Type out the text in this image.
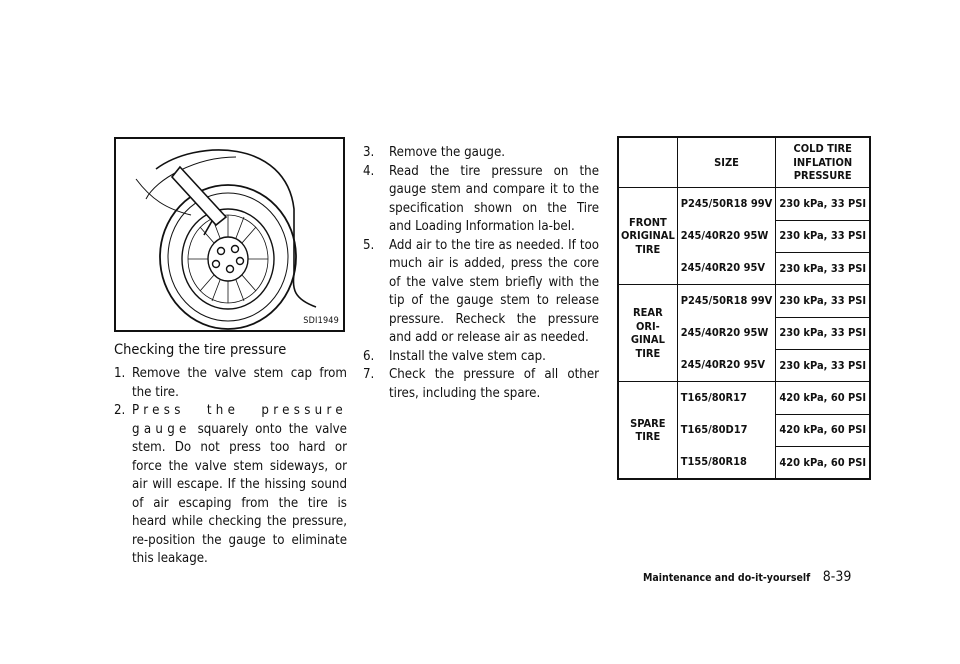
SDI1949
Checking the tire pressure
1. Remove the valve stem cap from the tire.
2. Press the pressure gauge squarely onto the valve stem. Do not press too hard or force the valve stem sideways, or air will escape. If the hissing sound of air escaping from the tire is heard while checking the pressure, re-position the gauge to eliminate this leakage.
3. Remove the gauge.
4. Read the tire pressure on the gauge stem and compare it to the specification shown on the Tire and Loading Information la-bel.
5. Add air to the tire as needed. If too much air is added, press the core of the valve stem briefly with the tip of the gauge stem to release pressure. Recheck the pressure and add or release air as needed.
6. Install the valve stem cap.
7. Check the pressure of all other tires, including the spare.
	SIZE	COLD TIRE INFLATION PRESSURE
FRONT ORIGINAL TIRE	P245/50R18 99V	230 kPa, 33 PSI
	245/40R20 95W	230 kPa, 33 PSI
	245/40R20 95V	230 kPa, 33 PSI
REAR ORI-GINAL TIRE	P245/50R18 99V	230 kPa, 33 PSI
	245/40R20 95W	230 kPa, 33 PSI
	245/40R20 95V	230 kPa, 33 PSI
SPARE TIRE	T165/80R17	420 kPa, 60 PSI
	T165/80D17	420 kPa, 60 PSI
	T155/80R18	420 kPa, 60 PSI
Maintenance and do-it-yourself 8-39
